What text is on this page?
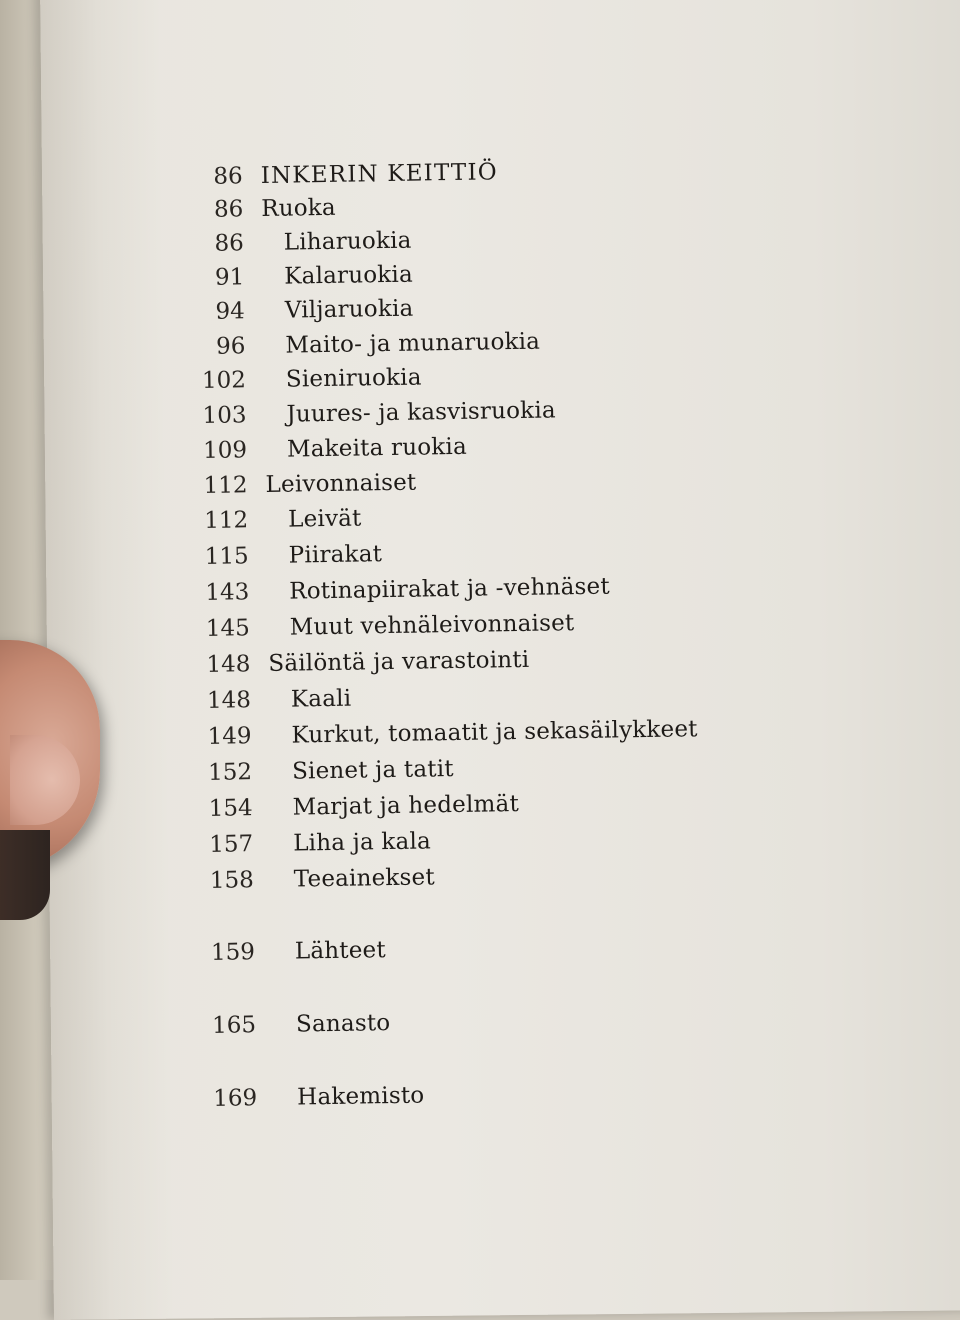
86 INKERIN KEITTIÖ
86 Ruoka
86 Liharuokia
91 Kalaruokia
94 Viljaruokia
96 Maito- ja munaruokia
102 Sieniruokia
103 Juures- ja kasvisruokia
109 Makeita ruokia
112 Leivonnaiset
112 Leivät
115 Piirakat
143 Rotinapiirakat ja -vehnäset
145 Muut vehnäleivonnaiset
148 Säilöntä ja varastointi
148 Kaali
149 Kurkut, tomaatit ja sekasäilykkeet
152 Sienet ja tatit
154 Marjat ja hedelmät
157 Liha ja kala
158 Teeainekset
159 Lähteet
165 Sanasto
169 Hakemisto
